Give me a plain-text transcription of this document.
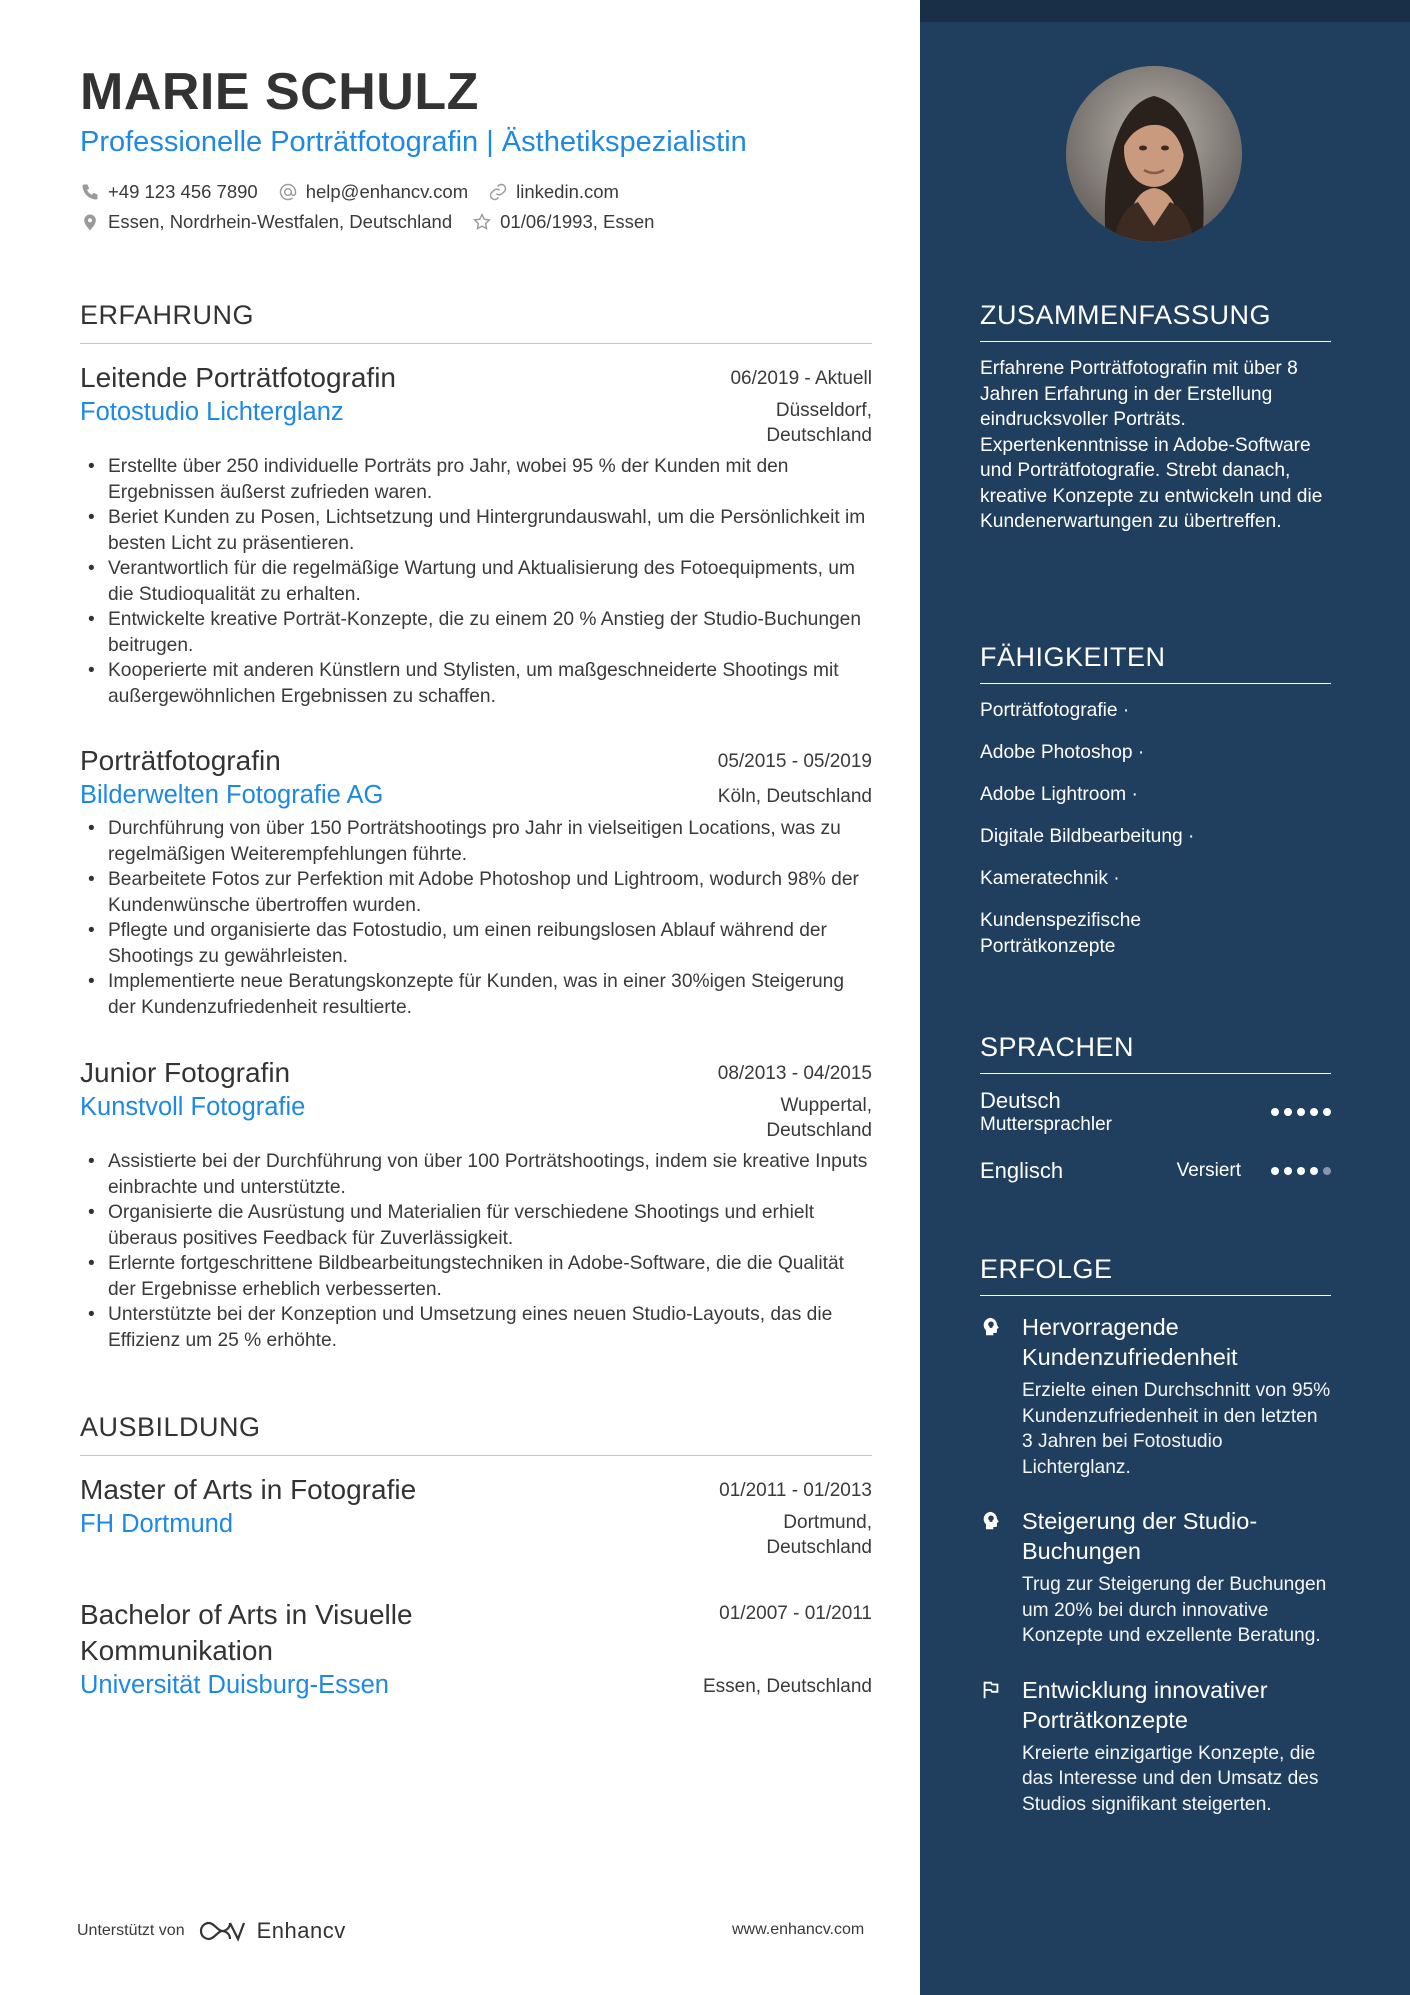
MARIE SCHULZ
Professionelle Porträtfotografin | Ästhetikspezialistin
+49 123 456 7890	help@enhancv.com	linkedin.com
Essen, Nordrhein-Westfalen, Deutschland	01/06/1993, Essen
ERFAHRUNG
Leitende Porträtfotografin	06/2019 - Aktuell
Fotostudio Lichterglanz	Düsseldorf,
Deutschland
• Erstellte über 250 individuelle Porträts pro Jahr, wobei 95 % der Kunden mit den Ergebnissen äußerst zufrieden waren.
• Beriet Kunden zu Posen, Lichtsetzung und Hintergrundauswahl, um die Persönlichkeit im besten Licht zu präsentieren.
• Verantwortlich für die regelmäßige Wartung und Aktualisierung des Fotoequipments, um die Studioqualität zu erhalten.
• Entwickelte kreative Porträt-Konzepte, die zu einem 20 % Anstieg der Studio-Buchungen beitrugen.
• Kooperierte mit anderen Künstlern und Stylisten, um maßgeschneiderte Shootings mit außergewöhnlichen Ergebnissen zu schaffen.
Porträtfotografin	05/2015 - 05/2019
Bilderwelten Fotografie AG	Köln, Deutschland
• Durchführung von über 150 Porträtshootings pro Jahr in vielseitigen Locations, was zu regelmäßigen Weiterempfehlungen führte.
• Bearbeitete Fotos zur Perfektion mit Adobe Photoshop und Lightroom, wodurch 98% der Kundenwünsche übertroffen wurden.
• Pflegte und organisierte das Fotostudio, um einen reibungslosen Ablauf während der Shootings zu gewährleisten.
• Implementierte neue Beratungskonzepte für Kunden, was in einer 30%igen Steigerung der Kundenzufriedenheit resultierte.
Junior Fotografin	08/2013 - 04/2015
Kunstvoll Fotografie	Wuppertal,
Deutschland
• Assistierte bei der Durchführung von über 100 Porträtshootings, indem sie kreative Inputs einbrachte und unterstützte.
• Organisierte die Ausrüstung und Materialien für verschiedene Shootings und erhielt überaus positives Feedback für Zuverlässigkeit.
• Erlernte fortgeschrittene Bildbearbeitungstechniken in Adobe-Software, die die Qualität der Ergebnisse erheblich verbesserten.
• Unterstützte bei der Konzeption und Umsetzung eines neuen Studio-Layouts, das die Effizienz um 25 % erhöhte.
AUSBILDUNG
Master of Arts in Fotografie	01/2011 - 01/2013
FH Dortmund	Dortmund,
Deutschland
Bachelor of Arts in Visuelle
Kommunikation
01/2007 - 01/2011
Universität Duisburg-Essen	Essen, Deutschland
Unterstützt von	Enhancv	www.enhancv.com
ZUSAMMENFASSUNG
Erfahrene Porträtfotografin mit über 8 Jahren Erfahrung in der Erstellung eindrucksvoller Porträts. Expertenkenntnisse in Adobe-Software und Porträtfotografie. Strebt danach, kreative Konzepte zu entwickeln und die Kundenerwartungen zu übertreffen.
FÄHIGKEITEN
Porträtfotografie ·
Adobe Photoshop ·
Adobe Lightroom ·
Digitale Bildbearbeitung ·
Kameratechnik ·
Kundenspezifische Porträtkonzepte
SPRACHEN
Deutsch
Muttersprachler
Englisch	Versiert
ERFOLGE
Hervorragende Kundenzufriedenheit
Erzielte einen Durchschnitt von 95% Kundenzufriedenheit in den letzten 3 Jahren bei Fotostudio Lichterglanz.
Steigerung der Studio-Buchungen
Trug zur Steigerung der Buchungen um 20% bei durch innovative Konzepte und exzellente Beratung.
Entwicklung innovativer Porträtkonzepte
Kreierte einzigartige Konzepte, die das Interesse und den Umsatz des Studios signifikant steigerten.
